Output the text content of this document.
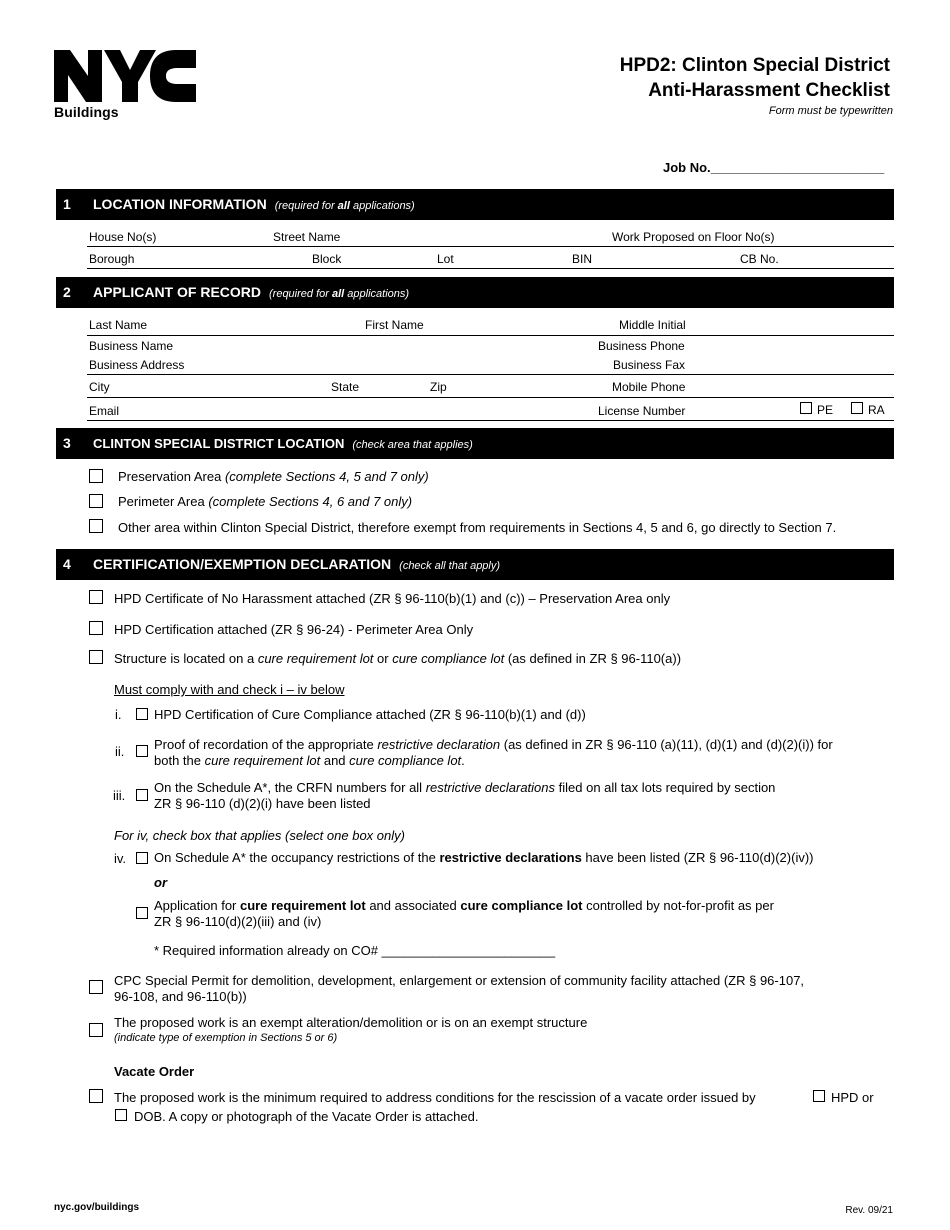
Buildings
HPD2: Clinton Special District
Anti-Harassment Checklist
Form must be typewritten
Job No.________________________
1 LOCATION INFORMATION (required for all applications)
House No(s)	Street Name	Work Proposed on Floor No(s)
Borough	Block	Lot	BIN	CB No.
2 APPLICANT OF RECORD (required for all applications)
Last Name	First Name	Middle Initial
Business Name	Business Phone
Business Address	Business Fax
City	State	Zip	Mobile Phone
Email	License Number	PE	RA
3 CLINTON SPECIAL DISTRICT LOCATION (check area that applies)
Preservation Area (complete Sections 4, 5 and 7 only)
Perimeter Area (complete Sections 4, 6 and 7 only)
Other area within Clinton Special District, therefore exempt from requirements in Sections 4, 5 and 6, go directly to Section 7.
4 CERTIFICATION/EXEMPTION DECLARATION (check all that apply)
HPD Certificate of No Harassment attached (ZR § 96-110(b)(1) and (c)) – Preservation Area only
HPD Certification attached (ZR § 96-24) - Perimeter Area Only
Structure is located on a cure requirement lot or cure compliance lot (as defined in ZR § 96-110(a))
Must comply with and check i – iv below
i.	HPD Certification of Cure Compliance attached (ZR § 96-110(b)(1) and (d))
ii. Proof of recordation of the appropriate restrictive declaration (as defined in ZR § 96-110 (a)(11), (d)(1) and (d)(2)(i)) for
both the cure requirement lot and cure compliance lot.
iii.
On the Schedule A*, the CRFN numbers for all restrictive declarations filed on all tax lots required by section
ZR § 96-110 (d)(2)(i) have been listed
For iv, check box that applies (select one box only)
iv. On Schedule A* the occupancy restrictions of the restrictive declarations have been listed (ZR § 96-110(d)(2)(iv))
or
Application for cure requirement lot and associated cure compliance lot controlled by not-for-profit as per
ZR § 96-110(d)(2)(iii) and (iv)
* Required information already on CO# ________________________
CPC Special Permit for demolition, development, enlargement or extension of community facility attached (ZR § 96-107,
96-108, and 96-110(b))
The proposed work is an exempt alteration/demolition or is on an exempt structure
(indicate type of exemption in Sections 5 or 6)
Vacate Order
The proposed work is the minimum required to address conditions for the rescission of a vacate order issued by	HPD or
DOB. A copy or photograph of the Vacate Order is attached.
nyc.gov/buildings	Rev. 09/21
